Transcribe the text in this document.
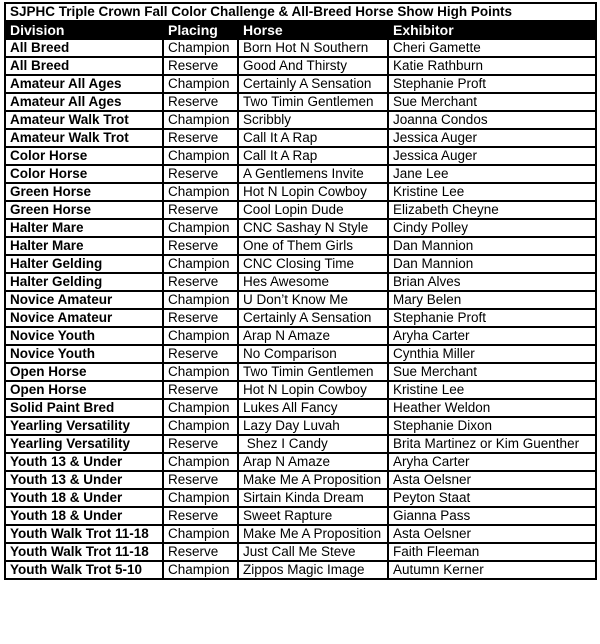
SJPHC Triple Crown Fall Color Challenge & All-Breed Horse Show High Points			
Division	Placing	Horse	Exhibitor
All Breed	Champion	Born Hot N Southern	Cheri Gamette
All Breed	Reserve	Good And Thirsty	Katie Rathburn
Amateur All Ages	Champion	Certainly A Sensation	Stephanie Proft
Amateur All Ages	Reserve	Two Timin Gentlemen	Sue Merchant
Amateur Walk Trot	Champion	Scribbly	Joanna Condos
Amateur Walk Trot	Reserve	Call It A Rap	Jessica Auger
Color Horse	Champion	Call It A Rap	Jessica Auger
Color Horse	Reserve	A Gentlemens Invite	Jane Lee
Green Horse	Champion	Hot N Lopin Cowboy	Kristine Lee
Green Horse	Reserve	Cool Lopin Dude	Elizabeth Cheyne
Halter Mare	Champion	CNC Sashay N Style	Cindy Polley
Halter Mare	Reserve	One of Them Girls	Dan Mannion
Halter Gelding	Champion	CNC Closing Time	Dan Mannion
Halter Gelding	Reserve	Hes Awesome	Brian Alves
Novice Amateur	Champion	U Don’t Know Me	Mary Belen
Novice Amateur	Reserve	Certainly A Sensation	Stephanie Proft
Novice Youth	Champion	Arap N Amaze	Aryha Carter
Novice Youth	Reserve	No Comparison	Cynthia Miller
Open Horse	Champion	Two Timin Gentlemen	Sue Merchant
Open Horse	Reserve	Hot N Lopin Cowboy	Kristine Lee
Solid Paint Bred	Champion	Lukes All Fancy	Heather Weldon
Yearling Versatility	Champion	Lazy Day Luvah	Stephanie Dixon
Yearling Versatility	Reserve	Shez I Candy	Brita Martinez or Kim Guenther
Youth 13 & Under	Champion	Arap N Amaze	Aryha Carter
Youth 13 & Under	Reserve	Make Me A Proposition	Asta Oelsner
Youth 18 & Under	Champion	Sirtain Kinda Dream	Peyton Staat
Youth 18 & Under	Reserve	Sweet Rapture	Gianna Pass
Youth Walk Trot 11-18	Champion	Make Me A Proposition	Asta Oelsner
Youth Walk Trot 11-18	Reserve	Just Call Me Steve	Faith Fleeman
Youth Walk Trot 5-10	Champion	Zippos Magic Image	Autumn Kerner
